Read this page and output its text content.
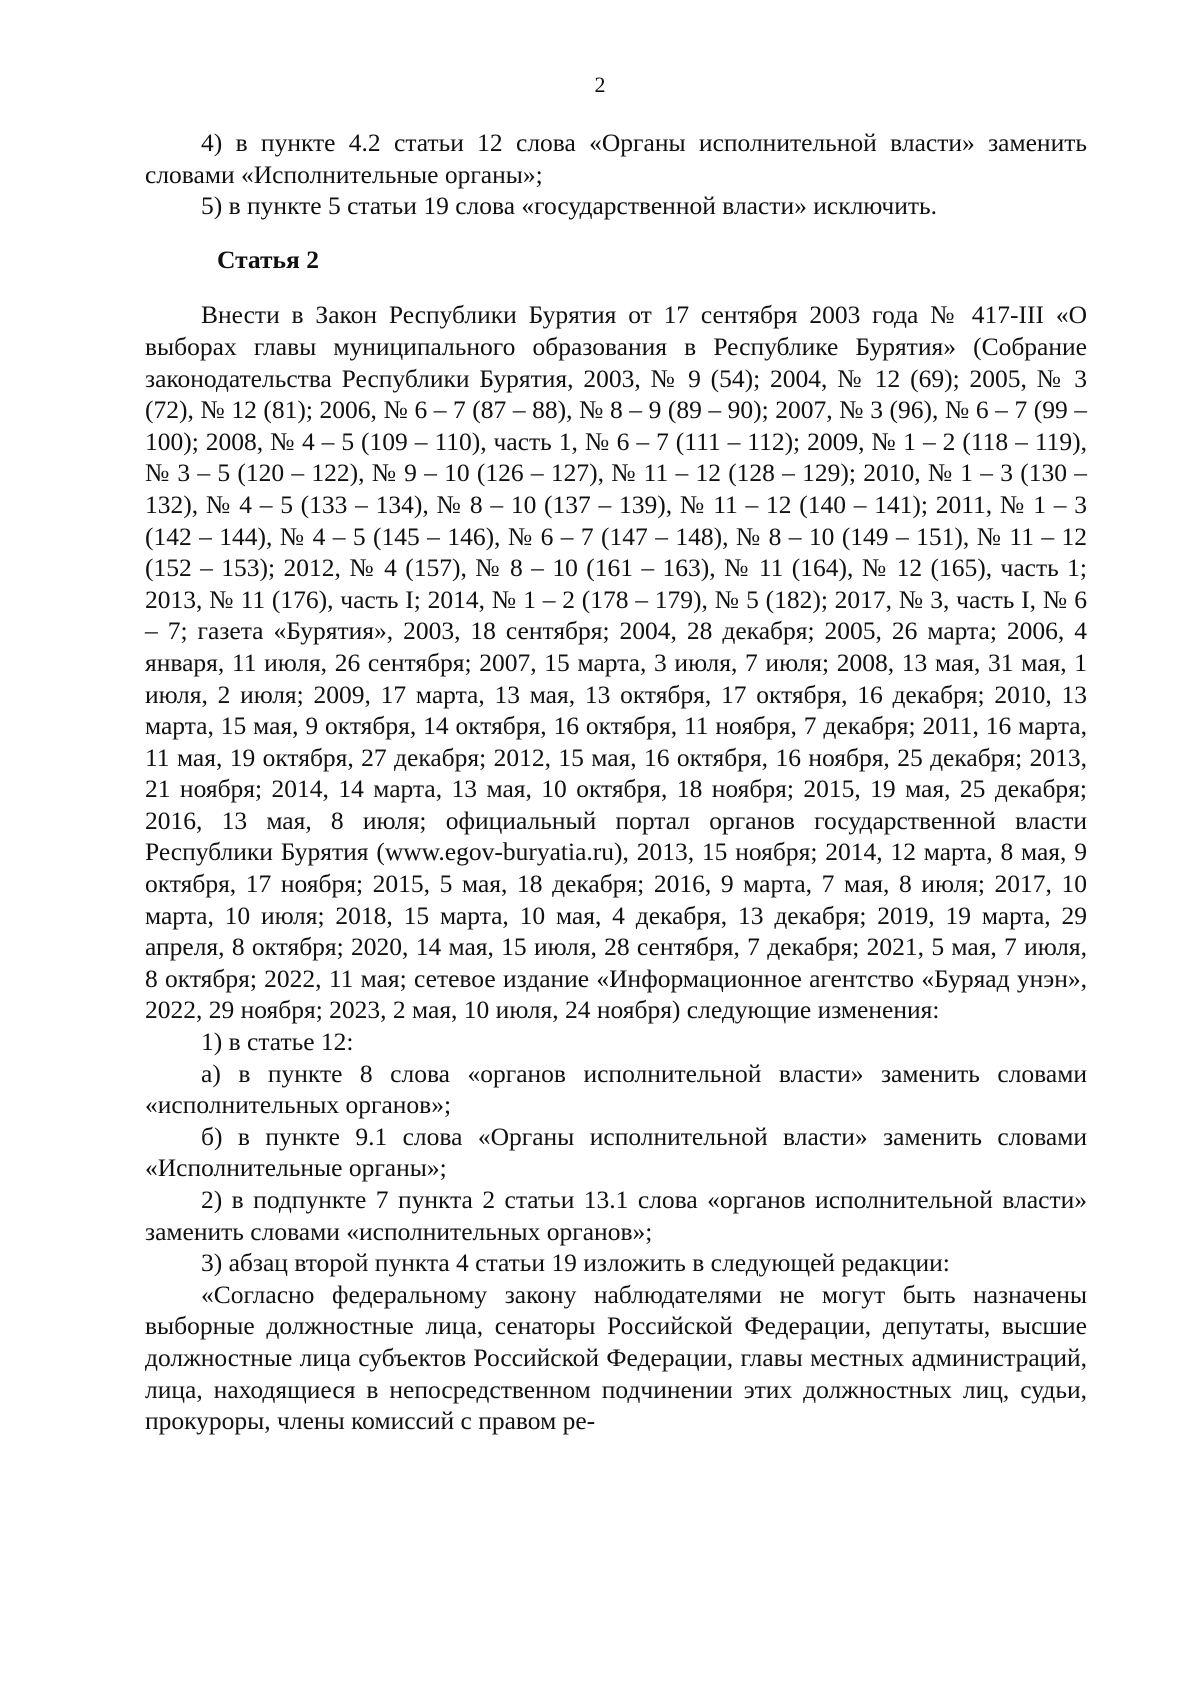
2

4) в пункте 4.2 статьи 12 слова «Органы исполнительной власти» заменить словами «Исполнительные органы»;

5) в пункте 5 статьи 19 слова «государственной власти» исключить.

Статья 2

Внести в Закон Республики Бурятия от 17 сентября 2003 года № 417-III «О выборах главы муниципального образования в Республике Бурятия» (Собрание законодательства Республики Бурятия, 2003, № 9 (54); 2004, № 12 (69); 2005, № 3 (72), № 12 (81); 2006, № 6 – 7 (87 – 88), № 8 – 9 (89 – 90); 2007, № 3 (96), № 6 – 7 (99 – 100); 2008, № 4 – 5 (109 – 110), часть 1, № 6 – 7 (111 – 112); 2009, № 1 – 2 (118 – 119), № 3 – 5 (120 – 122), № 9 – 10 (126 – 127), № 11 – 12 (128 – 129); 2010, № 1 – 3 (130 – 132), № 4 – 5 (133 – 134), № 8 – 10 (137 – 139), № 11 – 12 (140 – 141); 2011, № 1 – 3 (142 – 144), № 4 – 5 (145 – 146), № 6 – 7 (147 – 148), № 8 – 10 (149 – 151), № 11 – 12 (152 – 153); 2012, № 4 (157), № 8 – 10 (161 – 163), № 11 (164), № 12 (165), часть 1; 2013, № 11 (176), часть I; 2014, № 1 – 2 (178 – 179), № 5 (182); 2017, № 3, часть I, № 6 – 7; газета «Бурятия», 2003, 18 сентября; 2004, 28 декабря; 2005, 26 марта; 2006, 4 января, 11 июля, 26 сентября; 2007, 15 марта, 3 июля, 7 июля; 2008, 13 мая, 31 мая, 1 июля, 2 июля; 2009, 17 марта, 13 мая, 13 октября, 17 октября, 16 декабря; 2010, 13 марта, 15 мая, 9 октября, 14 октября, 16 октября, 11 ноября, 7 декабря; 2011, 16 марта, 11 мая, 19 октября, 27 декабря; 2012, 15 мая, 16 октября, 16 ноября, 25 декабря; 2013, 21 ноября; 2014, 14 марта, 13 мая, 10 октября, 18 ноября; 2015, 19 мая, 25 декабря; 2016, 13 мая, 8 июля; официальный портал органов государственной власти Республики Бурятия (www.egov-buryatia.ru), 2013, 15 ноября; 2014, 12 марта, 8 мая, 9 октября, 17 ноября; 2015, 5 мая, 18 декабря; 2016, 9 марта, 7 мая, 8 июля; 2017, 10 марта, 10 июля; 2018, 15 марта, 10 мая, 4 декабря, 13 декабря; 2019, 19 марта, 29 апреля, 8 октября; 2020, 14 мая, 15 июля, 28 сентября, 7 декабря; 2021, 5 мая, 7 июля, 8 октября; 2022, 11 мая; сетевое издание «Информационное агентство «Буряад унэн», 2022, 29 ноября; 2023, 2 мая, 10 июля, 24 ноября) следующие изменения:

1) в статье 12:

а) в пункте 8 слова «органов исполнительной власти» заменить словами «исполнительных органов»;

б) в пункте 9.1 слова «Органы исполнительной власти» заменить словами «Исполнительные органы»;

2) в подпункте 7 пункта 2 статьи 13.1 слова «органов исполнительной власти» заменить словами «исполнительных органов»;

3) абзац второй пункта 4 статьи 19 изложить в следующей редакции:

«Согласно федеральному закону наблюдателями не могут быть назначены выборные должностные лица, сенаторы Российской Федерации, депутаты, высшие должностные лица субъектов Российской Федерации, главы местных администраций, лица, находящиеся в непосредственном подчинении этих должностных лиц, судьи, прокуроры, члены комиссий с правом ре-
